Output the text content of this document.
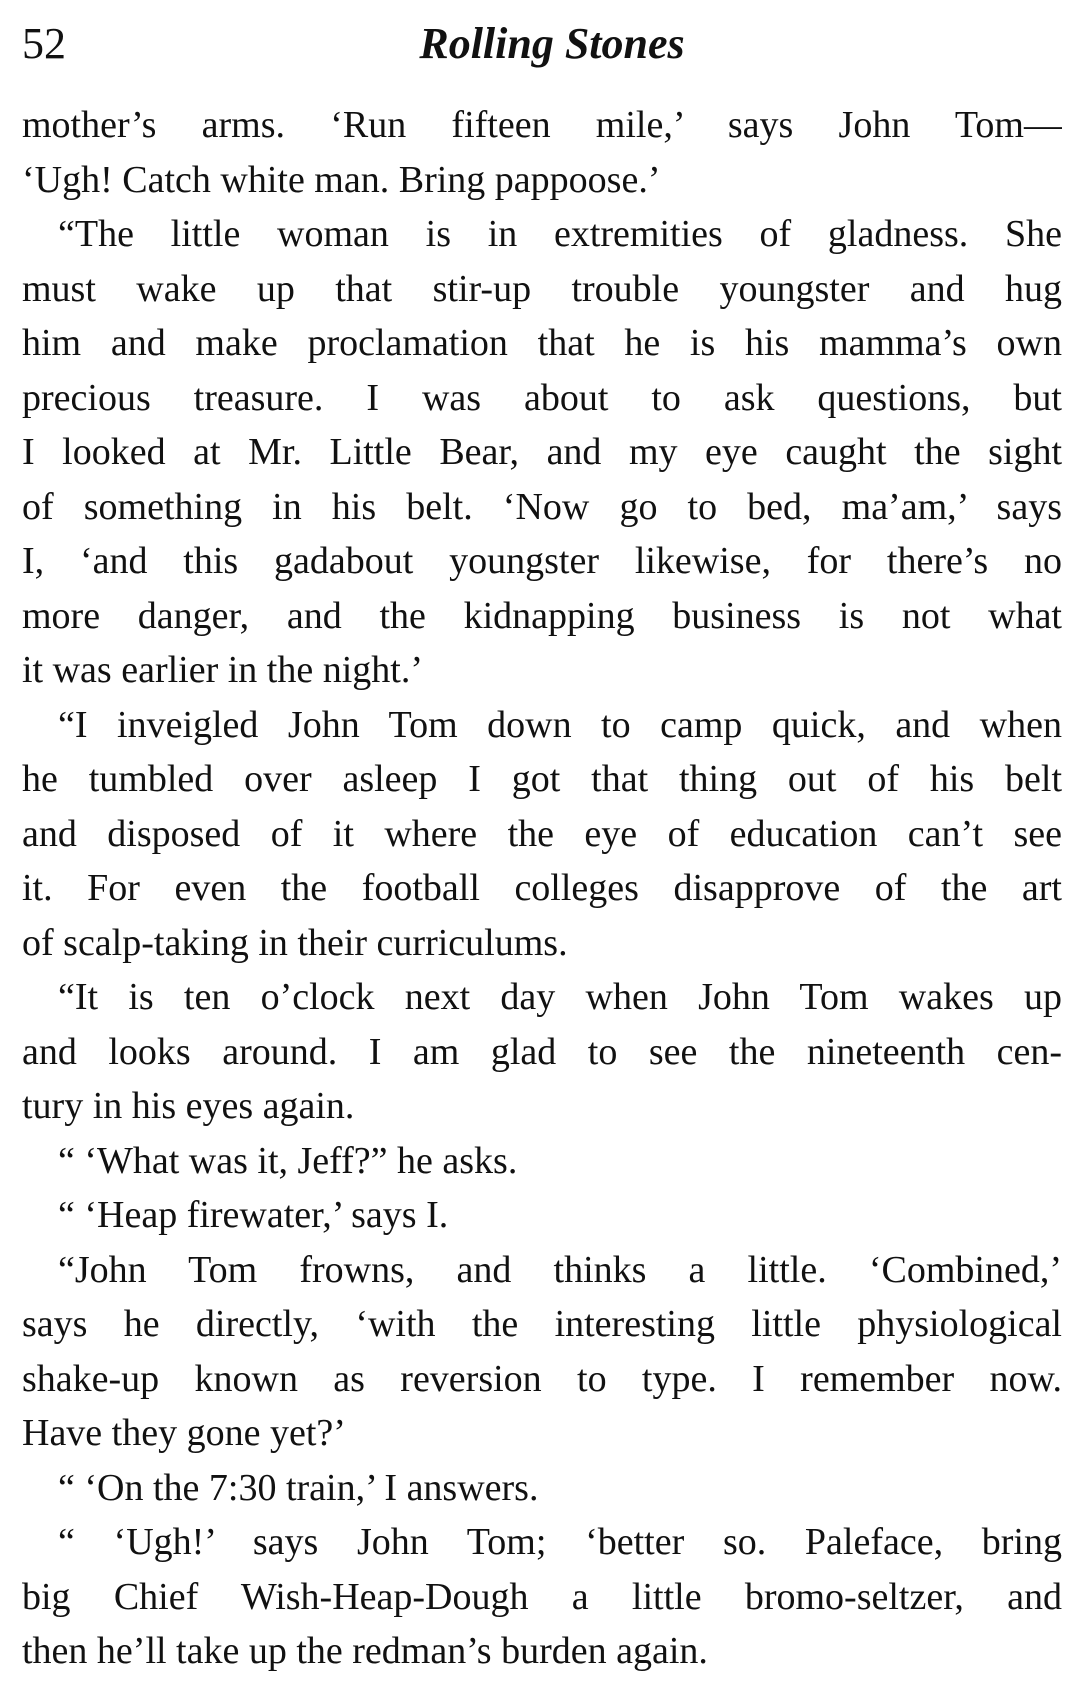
52	Rolling Stones
mother’s arms. ‘Run fifteen mile,’ says John Tom—
‘Ugh! Catch white man. Bring pappoose.’
“The little woman is in extremities of gladness. She
must wake up that stir-up trouble youngster and hug
him and make proclamation that he is his mamma’s own
precious treasure. I was about to ask questions, but
I looked at Mr. Little Bear, and my eye caught the sight
of something in his belt. ‘Now go to bed, ma’am,’ says
I, ‘and this gadabout youngster likewise, for there’s no
more danger, and the kidnapping business is not what
it was earlier in the night.’
“I inveigled John Tom down to camp quick, and when
he tumbled over asleep I got that thing out of his belt
and disposed of it where the eye of education can’t see
it. For even the football colleges disapprove of the art
of scalp-taking in their curriculums.
“It is ten o’clock next day when John Tom wakes up
and looks around. I am glad to see the nineteenth cen-
tury in his eyes again.
“ ‘What was it, Jeff?” he asks.
“ ‘Heap firewater,’ says I.
“John Tom frowns, and thinks a little. ‘Combined,’
says he directly, ‘with the interesting little physiological
shake-up known as reversion to type. I remember now.
Have they gone yet?’
“ ‘On the 7:30 train,’ I answers.
“ ‘Ugh!’ says John Tom; ‘better so. Paleface, bring
big Chief Wish-Heap-Dough a little bromo-seltzer, and
then he’ll take up the redman’s burden again.
